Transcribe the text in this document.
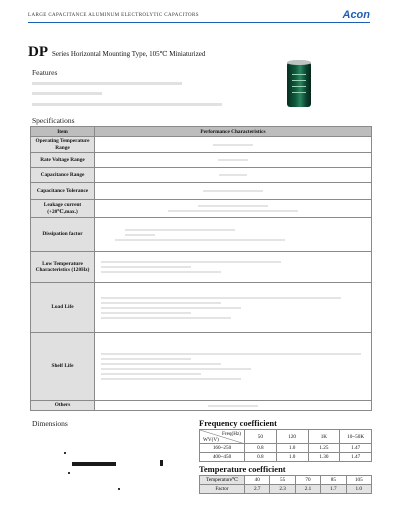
LARGE CAPACITANCE ALUMINUM ELECTROLYTIC CAPACITORS	Acon
DP Series Horizontal Mounting Type, 105℃ Miniaturized
Features
Specifications
Item	Performance Characteristics
Operating Temperature Range	

Rate Voltage Range	

Capacitance Range	

Capacitance Tolerance	

Leakage current (+20℃,max.)	

Dissipation factor	

Low Temperature Characteristics (120Hz)	

Load Life	

Shelf Life	

Others	
Dimensions	Frequency coefficient
Freq(Hz)
WV(V)	50	120	1K	10~50K
160~250	0.8	1.0	1.25	1.47
400~450	0.8	1.0	1.30	1.47
Temperature coefficient
Temperature℃	40	55	70	85	105
Factor	2.7	2.3	2.1	1.7	1.0
